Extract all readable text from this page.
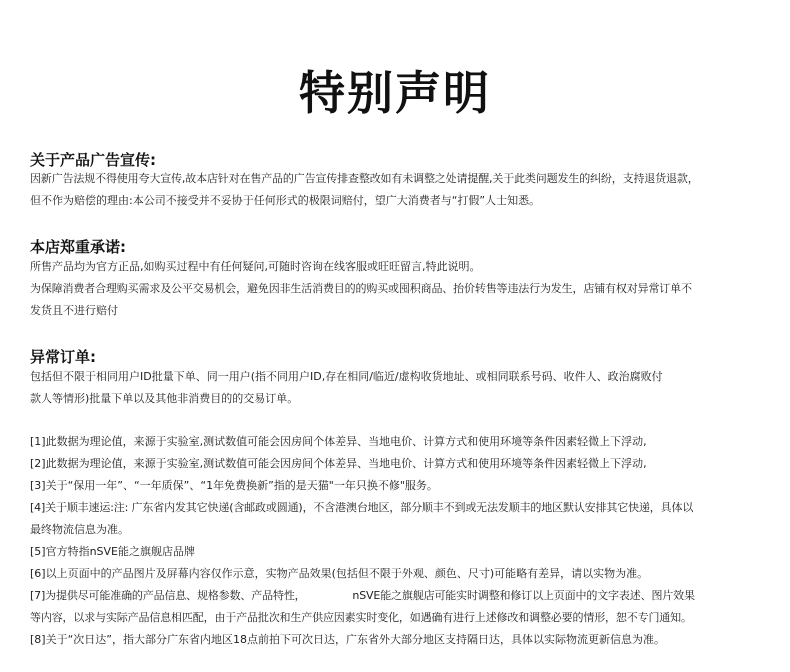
特别声明
关于产品广告宣传:
因新广告法规不得使用夸大宣传,故本店针对在售产品的广告宣传排查整改如有未调整之处请提醒,关于此类问题发生的纠纷，支持退货退款，
但不作为赔偿的理由:本公司不接受并不妥协于任何形式的极限词赔付，望广大消费者与“打假”人士知悉。
本店郑重承诺:
所售产品均为官方正品,如购买过程中有任何疑问,可随时咨询在线客服或旺旺留言,特此说明。
为保障消费者合理购买需求及公平交易机会，避免因非生活消费目的的购买或囤积商品、抬价转售等违法行为发生，店铺有权对异常订单不
发货且不进行赔付
异常订单:
包括但不限于相同用户ID批量下单、同一用户(指不同用户ID,存在相同/临近/虚构收货地址、或相同联系号码、收件人、政治腐败付
款人等情形)批量下单以及其他非消费目的的交易订单。
[1]此数据为理论值，来源于实验室,测试数值可能会因房间个体差异、当地电价、计算方式和使用环境等条件因素轻微上下浮动,
[2]此数据为理论值，来源于实验室,测试数值可能会因房间个体差异、当地电价、计算方式和使用环境等条件因素轻微上下浮动,
[3]关于“保用一年”、“一年质保”、“1年免费换新”指的是天猫"一年只换不修"服务。
[4]关于顺丰速运:注: 广东省内发其它快递(含邮政或圆通)，不含港澳台地区，部分顺丰不到或无法发顺丰的地区默认安排其它快递，具体以
最终物流信息为准。
[5]官方特指nSVE能之旗舰店品牌
[6]以上页面中的产品图片及屏幕内容仅作示意，实物产品效果(包括但不限于外观、颜色、尺寸)可能略有差异，请以实物为准。
[7]为提供尽可能准确的产品信息、规格参数、产品特性，              nSVE能之旗舰店可能实时调整和修订以上页面中的文字表述、图片效果
等内容，以求与实际产品信息相匹配，由于产品批次和生产供应因素实时变化，如遇确有进行上述修改和调整必要的情形，恕不专门通知。
[8]关于“次日达”，指大部分广东省内地区18点前拍下可次日达，广东省外大部分地区支持隔日达，具体以实际物流更新信息为准。
